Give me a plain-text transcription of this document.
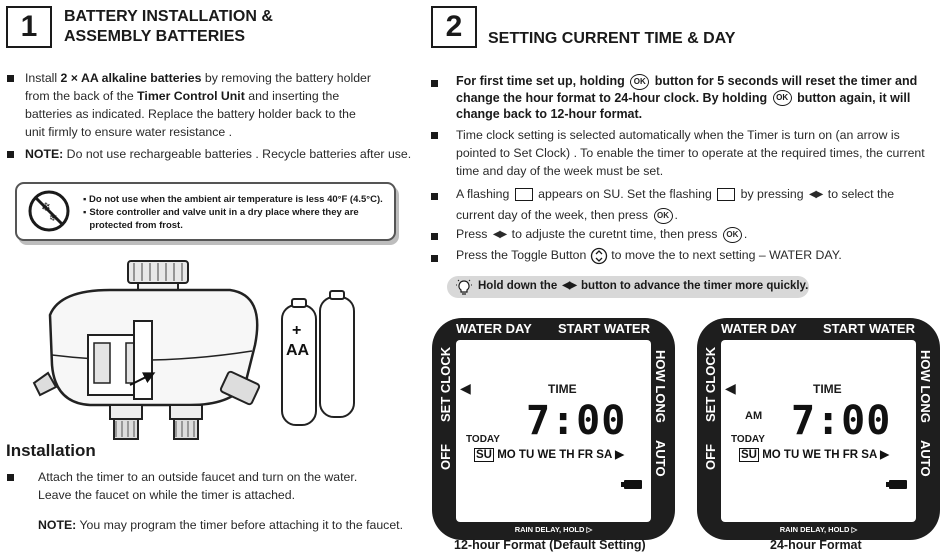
1	BATTERY INSTALLATION &
ASSEMBLY BATTERIES
Install 2 × AA alkaline batteries by removing the battery holder from the back of the Timer Control Unit and inserting the batteries as indicated. Replace the battery holder back to the unit firmly to ensure water resistance .
NOTE: Do not use rechargeable batteries . Recycle batteries after use.
❄
❄
▪ Do not use when the ambient air temperature is less 40°F (4.5°C).
▪ Store controller and valve unit in a dry place where they are protected from frost.
+
AA
Installation
Attach the timer to an outside faucet and turn on the water. Leave the faucet on while the timer is attached.
NOTE: You may program the timer before attaching it to the faucet.
2	SETTING CURRENT TIME & DAY
For first time set up, holding OK button for 5 seconds will reset the timer and change the hour format to 24-hour clock. By holding OK button again, it will change back to 12-hour format.
Time clock setting is selected automatically when the Timer is turn on (an arrow is pointed to Set Clock) . To enable the timer to operate at the required times, the current time and day of the week must be set.
A flashing appears on SU. Set the flashing by pressing ◀▶ to select the current day of the week, then press OK .
Press ◀▶ to adjuste the curetnt time, then press OK .
Press the Toggle Button to move the to next setting – WATER DAY.
Hold down the ◀▶ button to advance the timer more quickly.
WATER DAY START WATER
SET CLOCK
OFF
HOW LONG
AUTO
◀	TIME
7:00
TODAY
SU MO TU WE TH FR SA ▶
RAIN DELAY, HOLD ▷
12-hour Format (Default Setting)
WATER DAY START WATER
SET CLOCK
OFF
HOW LONG
AUTO
◀	TIME
AM 7:00
TODAY
SU MO TU WE TH FR SA ▶
RAIN DELAY, HOLD ▷
24-hour Format
